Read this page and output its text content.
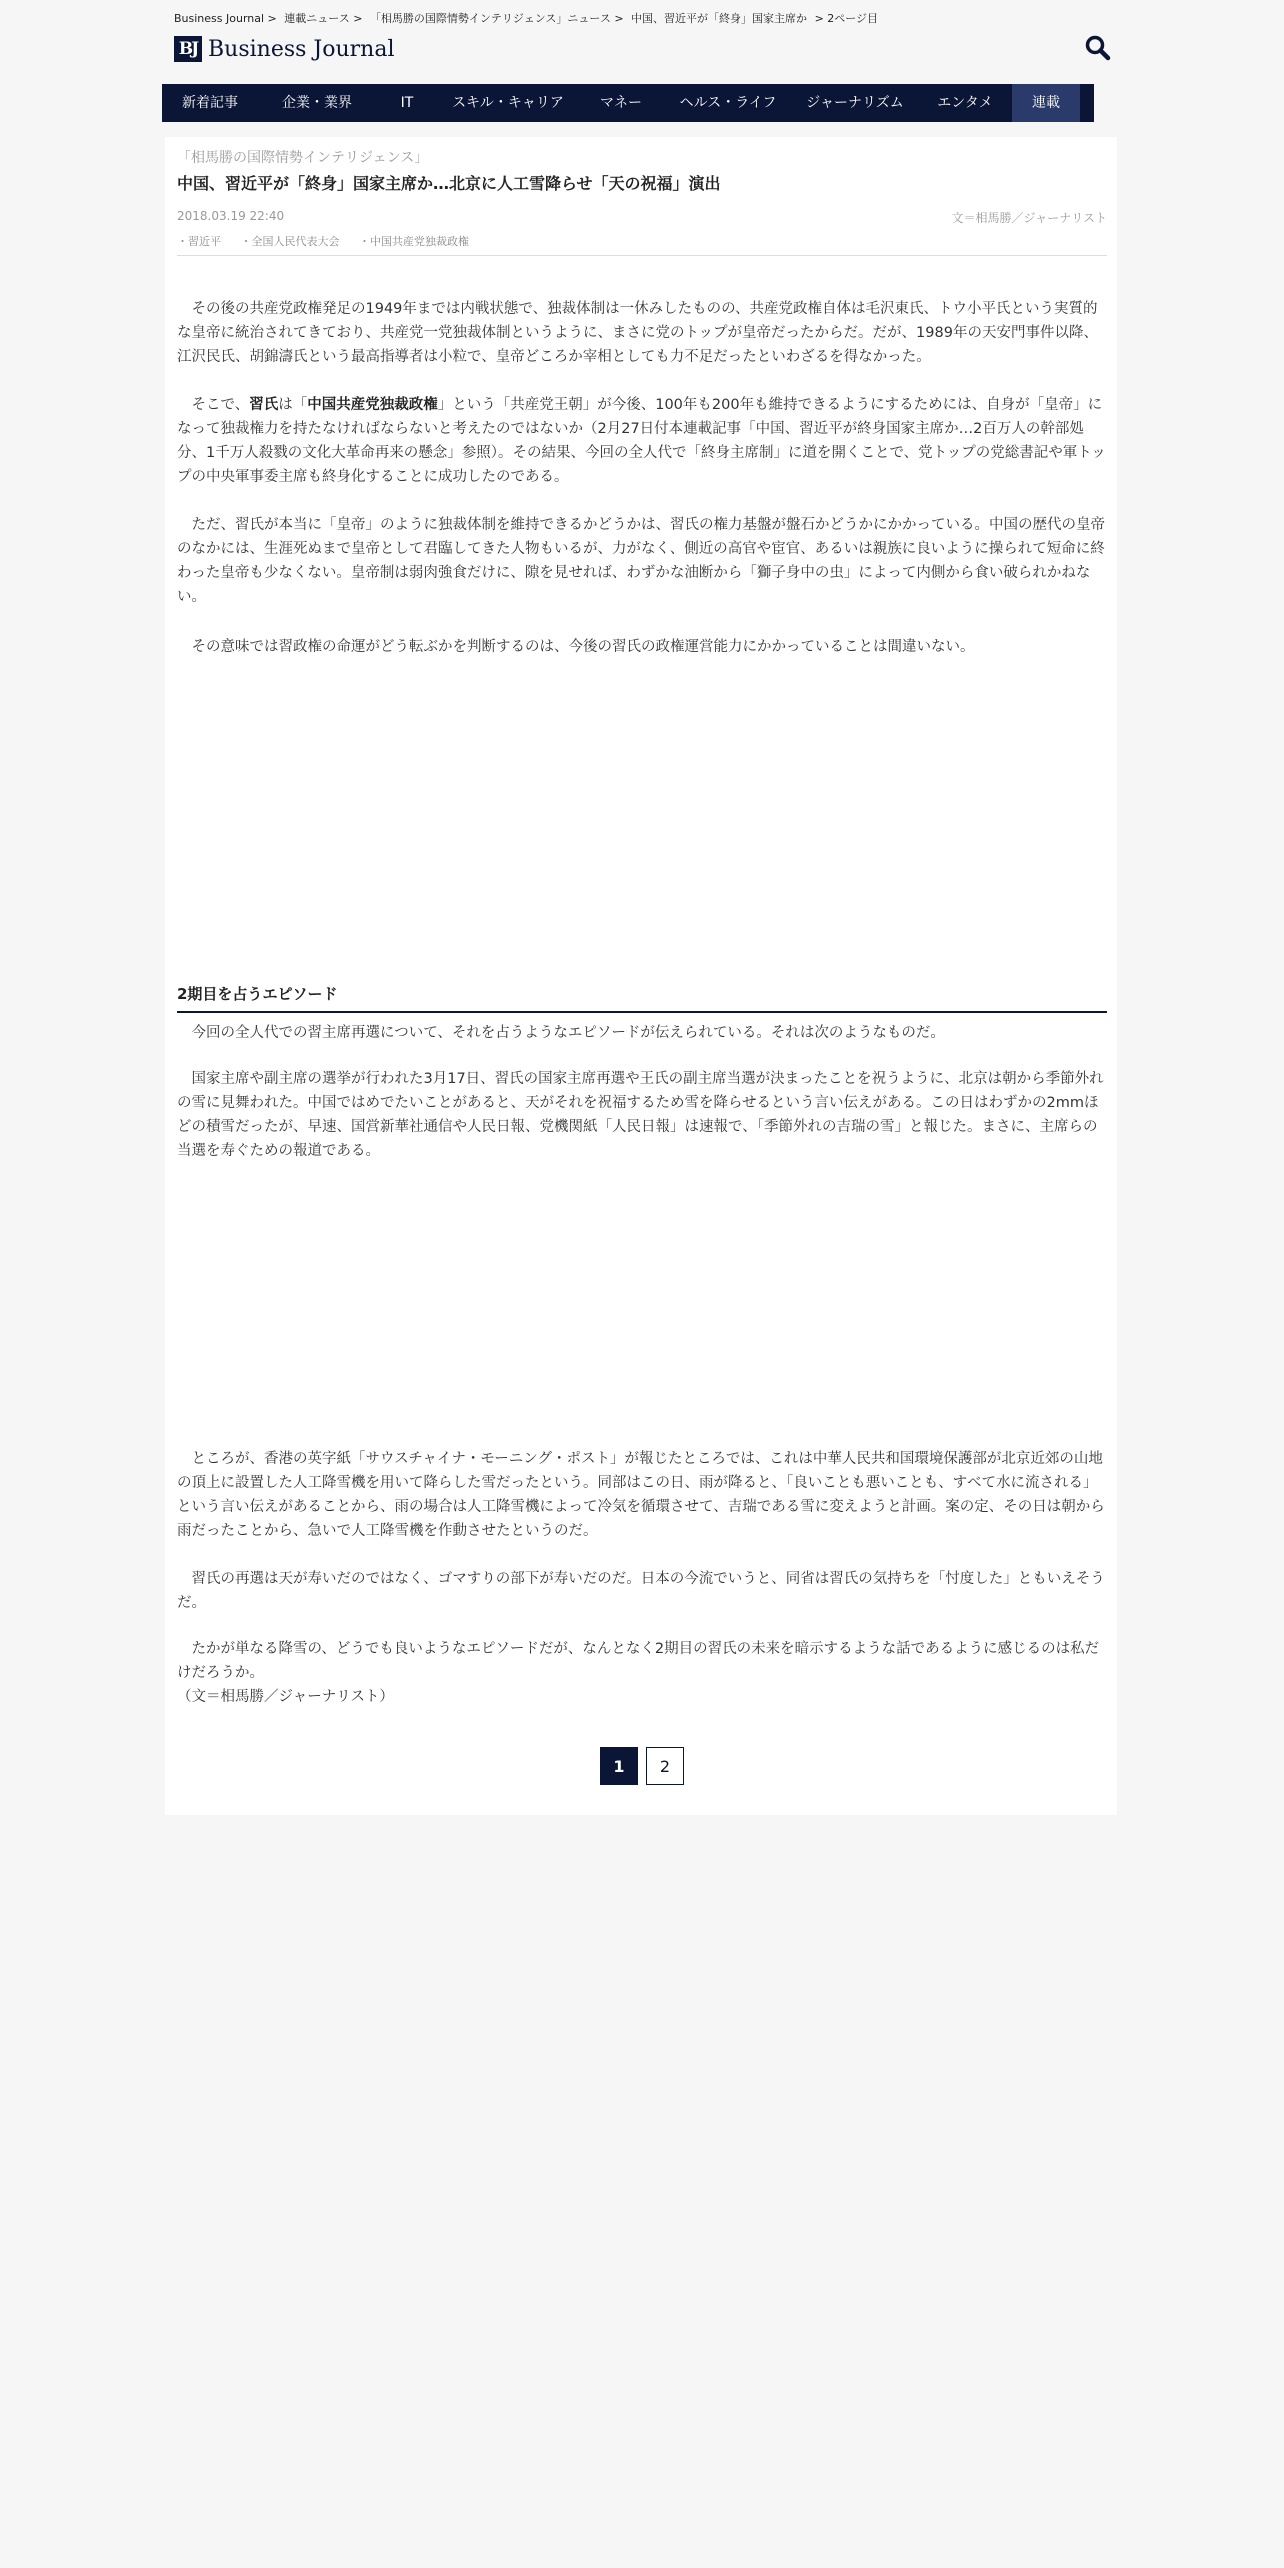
Business Journal > 連載ニュース > 「相馬勝の国際情勢インテリジェンス」ニュース > 中国、習近平が「終身」国家主席か > 2ページ目
BJ Business Journal
新着記事	企業・業界	IT	スキル・キャリア	マネー	ヘルス・ライフ	ジャーナリズム	エンタメ	連載
「相馬勝の国際情勢インテリジェンス」
中国、習近平が「終身」国家主席か…北京に人工雪降らせ「天の祝福」演出
2018.03.19 22:40	文＝相馬勝／ジャーナリスト
・習近平 ・全国人民代表大会 ・中国共産党独裁政権

その後の共産党政権発足の1949年までは内戦状態で、独裁体制は一休みしたものの、共産党政権自体は毛沢東氏、トウ小平氏という実質的な皇帝に統治されてきており、共産党一党独裁体制というように、まさに党のトップが皇帝だったからだ。だが、1989年の天安門事件以降、江沢民氏、胡錦濤氏という最高指導者は小粒で、皇帝どころか宰相としても力不足だったといわざるを得なかった。

そこで、習氏は「中国共産党独裁政権」という「共産党王朝」が今後、100年も200年も維持できるようにするためには、自身が「皇帝」になって独裁権力を持たなければならないと考えたのではないか（2月27日付本連載記事「中国、習近平が終身国家主席か…2百万人の幹部処分、1千万人殺戮の文化大革命再来の懸念」参照）。その結果、今回の全人代で「終身主席制」に道を開くことで、党トップの党総書記や軍トップの中央軍事委主席も終身化することに成功したのである。

ただ、習氏が本当に「皇帝」のように独裁体制を維持できるかどうかは、習氏の権力基盤が盤石かどうかにかかっている。中国の歴代の皇帝のなかには、生涯死ぬまで皇帝として君臨してきた人物もいるが、力がなく、側近の高官や宦官、あるいは親族に良いように操られて短命に終わった皇帝も少なくない。皇帝制は弱肉強食だけに、隙を見せれば、わずかな油断から「獅子身中の虫」によって内側から食い破られかねない。

その意味では習政権の命運がどう転ぶかを判断するのは、今後の習氏の政権運営能力にかかっていることは間違いない。

2期目を占うエピソード

今回の全人代での習主席再選について、それを占うようなエピソードが伝えられている。それは次のようなものだ。

国家主席や副主席の選挙が行われた3月17日、習氏の国家主席再選や王氏の副主席当選が決まったことを祝うように、北京は朝から季節外れの雪に見舞われた。中国ではめでたいことがあると、天がそれを祝福するため雪を降らせるという言い伝えがある。この日はわずかの2mmほどの積雪だったが、早速、国営新華社通信や人民日報、党機関紙「人民日報」は速報で、「季節外れの吉瑞の雪」と報じた。まさに、主席らの当選を寿ぐための報道である。

ところが、香港の英字紙「サウスチャイナ・モーニング・ポスト」が報じたところでは、これは中華人民共和国環境保護部が北京近郊の山地の頂上に設置した人工降雪機を用いて降らした雪だったという。同部はこの日、雨が降ると、「良いことも悪いことも、すべて水に流される」という言い伝えがあることから、雨の場合は人工降雪機によって冷気を循環させて、吉瑞である雪に変えようと計画。案の定、その日は朝から雨だったことから、急いで人工降雪機を作動させたというのだ。

習氏の再選は天が寿いだのではなく、ゴマすりの部下が寿いだのだ。日本の今流でいうと、同省は習氏の気持ちを「忖度した」ともいえそうだ。

たかが単なる降雪の、どうでも良いようなエピソードだが、なんとなく2期目の習氏の未来を暗示するような話であるように感じるのは私だけだろうか。

（文＝相馬勝／ジャーナリスト）

1	2
